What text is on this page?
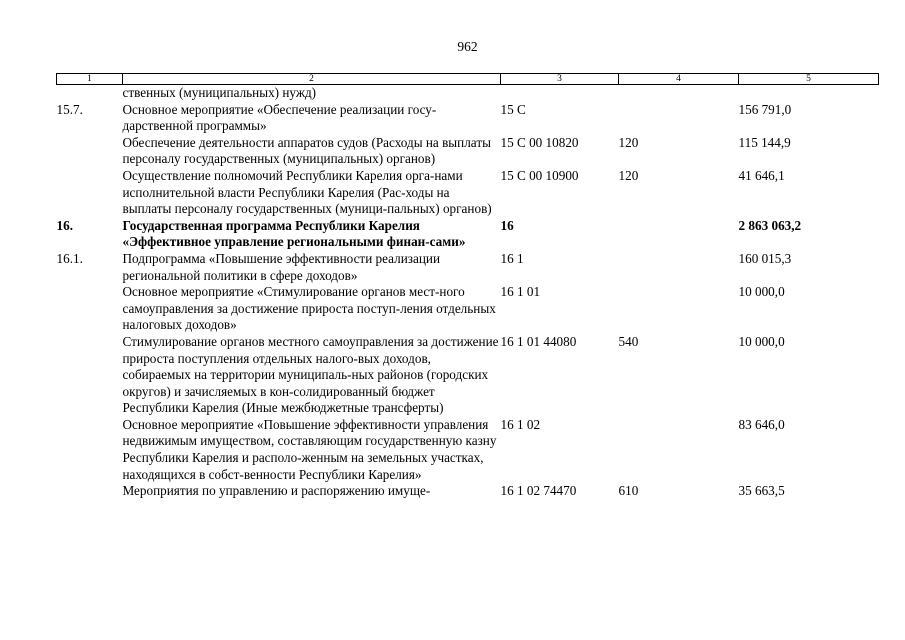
962
1	2	3	4	5
	ственных (муниципальных) нужд)			
15.7.	Основное мероприятие «Обеспечение реализации госу-дарственной программы»	15 С		156 791,0
	Обеспечение деятельности аппаратов судов (Расходы на выплаты персоналу государственных (муниципальных) органов)	15 С 00 10820	120	115 144,9
	Осуществление полномочий Республики Карелия орга-нами исполнительной власти Республики Карелия (Рас-ходы на выплаты персоналу государственных (муници-пальных) органов)	15 С 00 10900	120	41 646,1
16.	Государственная программа Республики Карелия «Эффективное управление региональными финан-сами»	16		2 863 063,2
16.1.	Подпрограмма «Повышение эффективности реализации региональной политики в сфере доходов»	16 1		160 015,3
	Основное мероприятие «Стимулирование органов мест-ного самоуправления за достижение прироста поступ-ления отдельных налоговых доходов»	16 1 01		10 000,0
	Стимулирование органов местного самоуправления за достижение прироста поступления отдельных налого-вых доходов, собираемых на территории муниципаль-ных районов (городских округов) и зачисляемых в кон-солидированный бюджет Республики Карелия (Иные межбюджетные трансферты)	16 1 01 44080	540	10 000,0
	Основное мероприятие «Повышение эффективности управления недвижимым имуществом, составляющим государственную казну Республики Карелия и располо-женным на земельных участках, находящихся в собст-венности Республики Карелия»	16 1 02		83 646,0
	Мероприятия по управлению и распоряжению имуще-	16 1 02 74470	610	35 663,5
